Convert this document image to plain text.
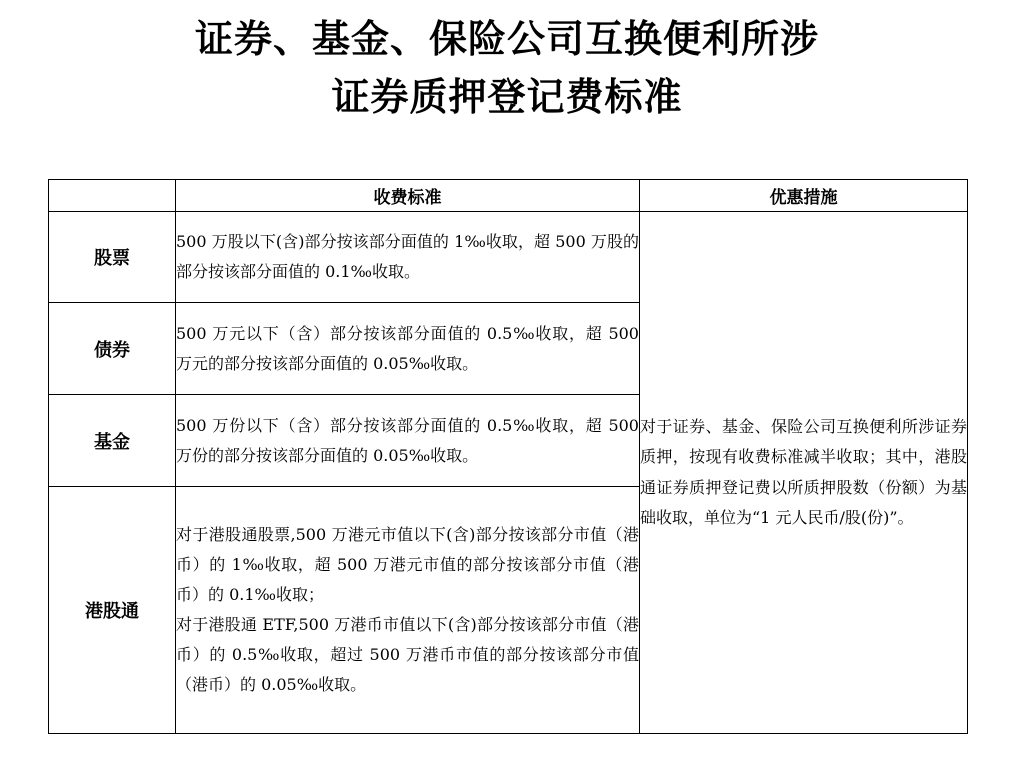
证券、基金、保险公司互换便利所涉
证券质押登记费标准
	收费标准	优惠措施
股票	500 万股以下(含)部分按该部分面值的 1‰收取，超 500 万股的部分按该部分面值的 0.1‰收取。	对于证券、基金、保险公司互换便利所涉证券质押，按现有收费标准减半收取；其中，港股通证券质押登记费以所质押股数（份额）为基础收取，单位为“1 元人民币/股(份)”。
债券	500 万元以下（含）部分按该部分面值的 0.5‰收取，超 500 万元的部分按该部分面值的 0.05‰收取。	

基金	500 万份以下（含）部分按该部分面值的 0.5‰收取，超 500 万份的部分按该部分面值的 0.05‰收取。	

港股通	对于港股通股票,500 万港元市值以下(含)部分按该部分市值（港币）的 1‰收取，超 500 万港元市值的部分按该部分市值（港币）的 0.1‰收取；
对于港股通 ETF,500 万港币市值以下(含)部分按该部分市值（港币）的 0.5‰收取，超过 500 万港币市值的部分按该部分市值（港币）的 0.05‰收取。	
